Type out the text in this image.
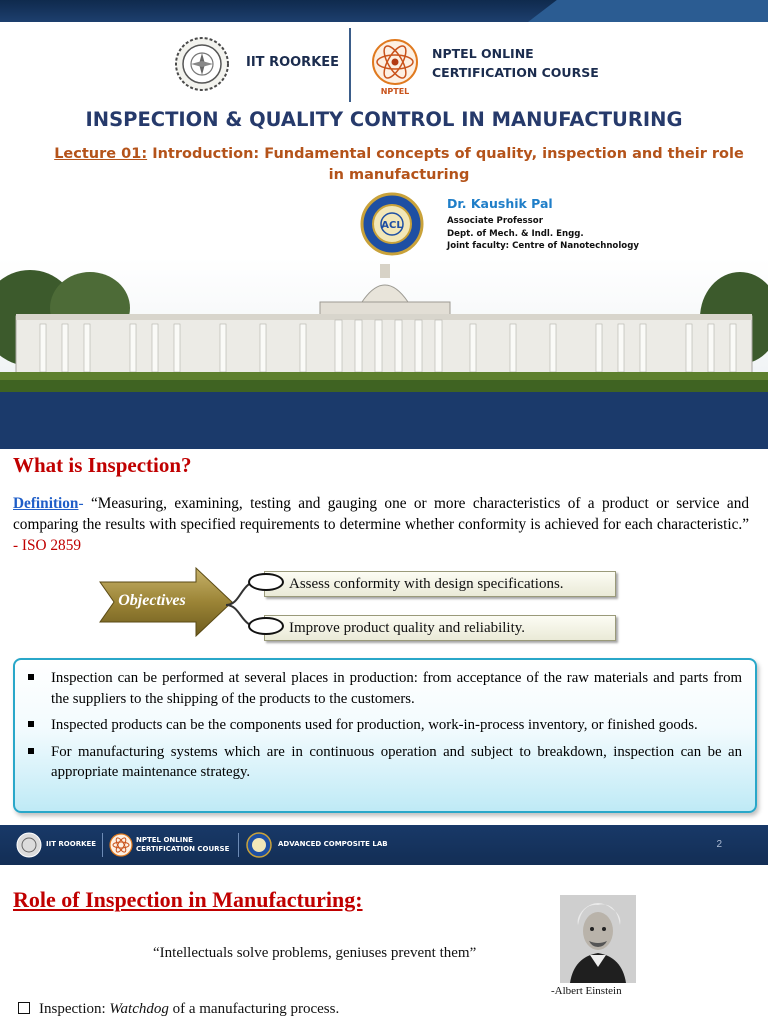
IIT ROORKEE
NPTEL
NPTEL ONLINE
CERTIFICATION COURSE
INSPECTION & QUALITY CONTROL IN MANUFACTURING
Lecture 01: Introduction: Fundamental concepts of quality, inspection and their role in manufacturing
ACL
Dr. Kaushik Pal
Associate Professor
Dept. of Mech. & Indl. Engg.
Joint faculty: Centre of Nanotechnology
What is Inspection?

Definition- “Measuring, examining, testing and gauging one or more characteristics of a product or service and comparing the results with specified requirements to determine whether conformity is achieved for each characteristic.” - ISO 2859

Objectives
Assess conformity with design specifications.
Improve product quality and reliability.
Inspection can be performed at several places in production: from acceptance of the raw materials and parts from the suppliers to the shipping of the products to the customers.
Inspected products can be the components used for production, work-in-process inventory, or finished goods.
For manufacturing systems which are in continuous operation and subject to breakdown, inspection can be an appropriate maintenance strategy.
IIT ROORKEE	NPTEL ONLINE
CERTIFICATION COURSE
ADVANCED COMPOSITE LAB	2
Role of Inspection in Manufacturing:
“Intellectuals solve problems, geniuses prevent them”
-Albert Einstein
Inspection: Watchdog of a manufacturing process.
